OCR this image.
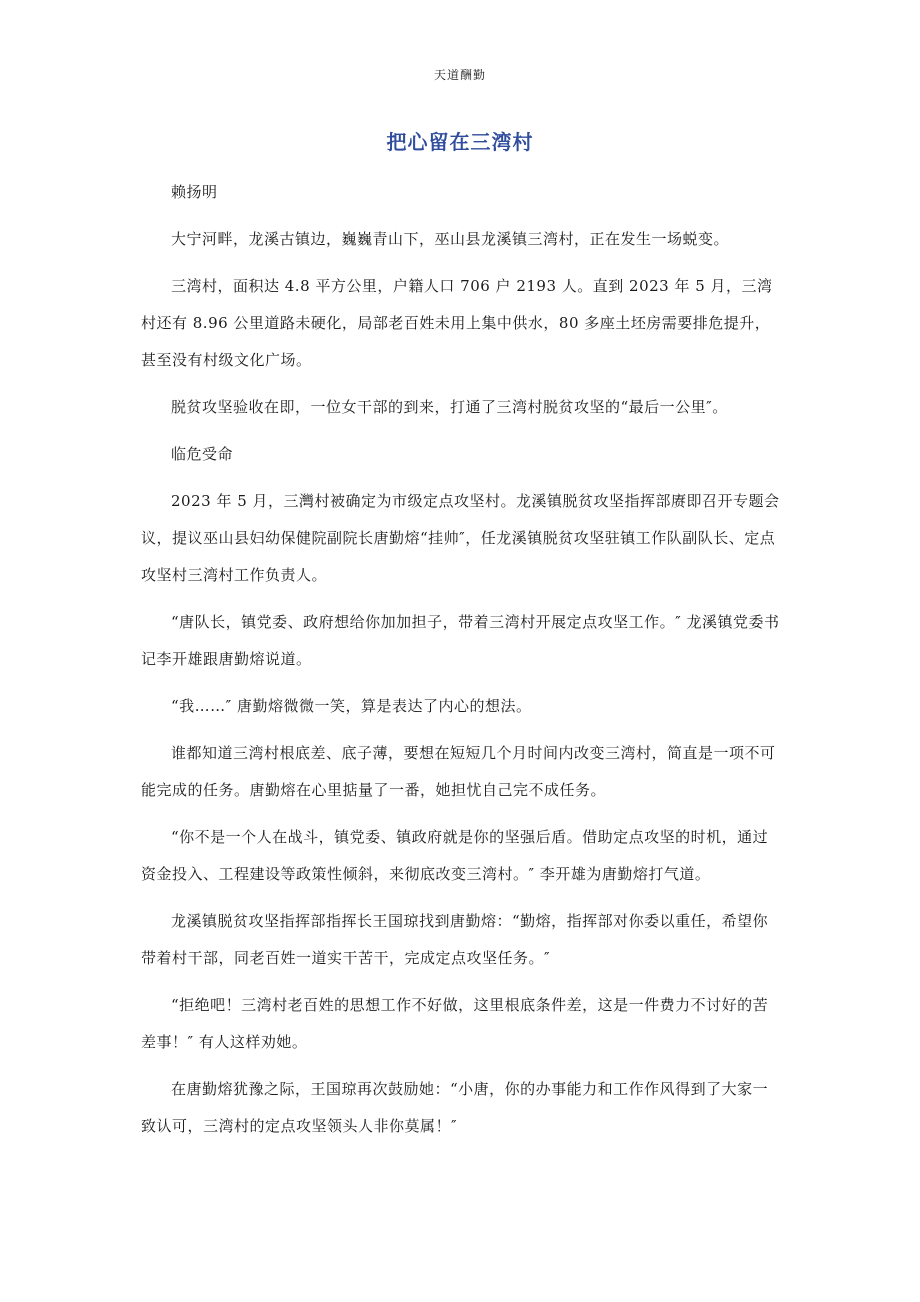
天道酬勤
把心留在三湾村

赖扬明

大宁河畔，龙溪古镇边，巍巍青山下，巫山县龙溪镇三湾村，正在发生一场蜕变。

三湾村，面积达 4.8 平方公里，户籍人口 706 户 2193 人。直到 2023 年 5 月，三湾村还有 8.96 公里道路未硬化，局部老百姓未用上集中供水，80 多座土坯房需要排危提升，甚至没有村级文化广场。

脱贫攻坚验收在即，一位女干部的到来，打通了三湾村脱贫攻坚的“最后一公里″。

临危受命

2023 年 5 月，三灣村被确定为市级定点攻坚村。龙溪镇脱贫攻坚指挥部赓即召开专题会议，提议巫山县妇幼保健院副院长唐勤熔“挂帅″，任龙溪镇脱贫攻坚驻镇工作队副队长、定点攻坚村三湾村工作负责人。

“唐队长，镇党委、政府想给你加加担子，带着三湾村开展定点攻坚工作。″ 龙溪镇党委书记李开雄跟唐勤熔说道。

“我……″ 唐勤熔微微一笑，算是表达了内心的想法。

谁都知道三湾村根底差、底子薄，要想在短短几个月时间内改变三湾村，简直是一项不可能完成的任务。唐勤熔在心里掂量了一番，她担忧自己完不成任务。

“你不是一个人在战斗，镇党委、镇政府就是你的坚强后盾。借助定点攻坚的时机，通过资金投入、工程建设等政策性倾斜，来彻底改变三湾村。″ 李开雄为唐勤熔打气道。

龙溪镇脱贫攻坚指挥部指挥长王国琼找到唐勤熔：“勤熔，指挥部对你委以重任，希望你带着村干部，同老百姓一道实干苦干，完成定点攻坚任务。″

“拒绝吧！三湾村老百姓的思想工作不好做，这里根底条件差，这是一件费力不讨好的苦差事！″ 有人这样劝她。

在唐勤熔犹豫之际，王国琼再次鼓励她：“小唐，你的办事能力和工作作风得到了大家一致认可，三湾村的定点攻坚领头人非你莫属！″
